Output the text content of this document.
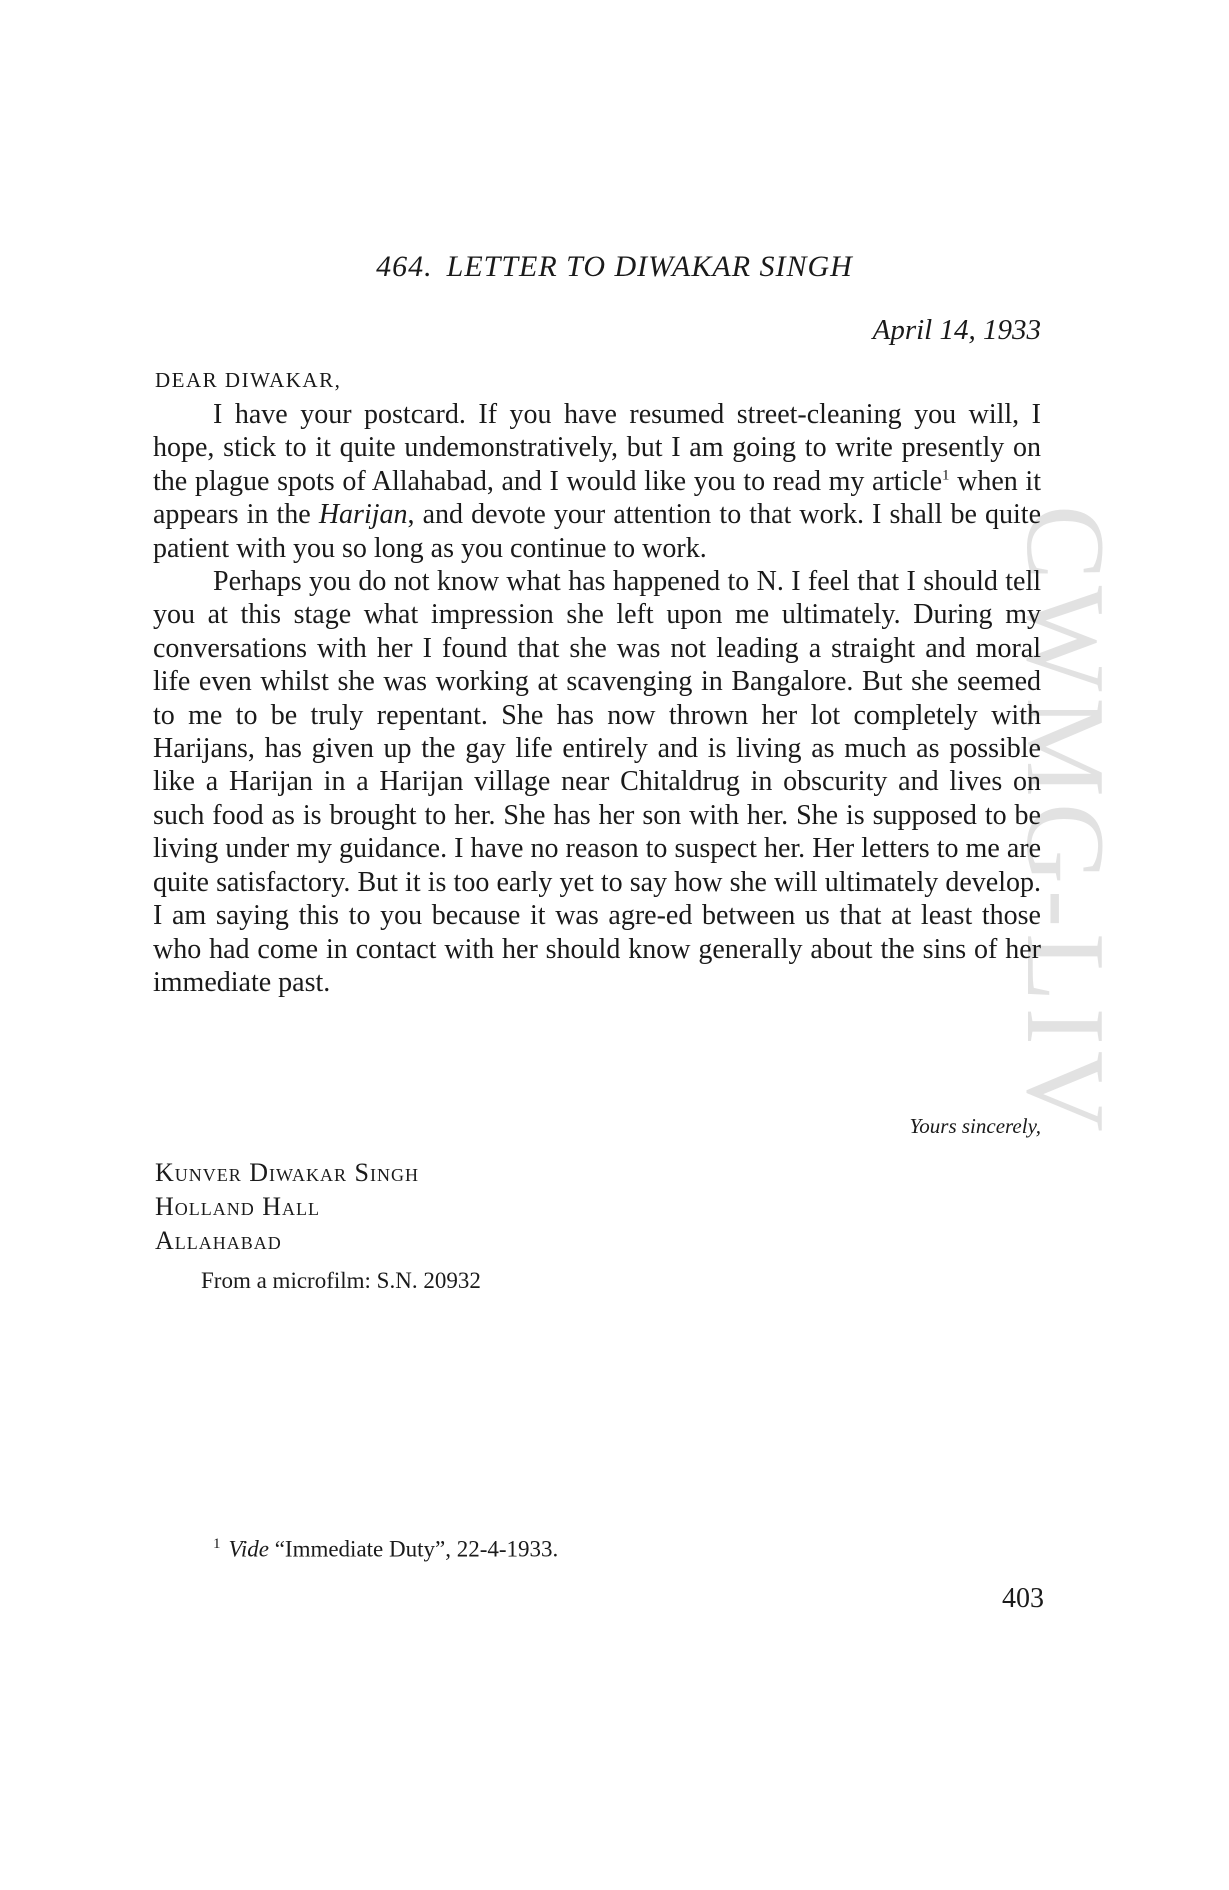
CWMG-LIV
464. LETTER TO DIWAKAR SINGH
April 14, 1933
DEAR DIWAKAR,

I have your postcard. If you have resumed street-cleaning you will, I hope, stick to it quite undemonstratively, but I am going to write presently on the plague spots of Allahabad, and I would like you to read my article$^1$ when it appears in the Harijan, and devote your attention to that work. I shall be quite patient with you so long as you continue to work.

Perhaps you do not know what has happened to N. I feel that I should tell you at this stage what impression she left upon me ultimately. During my conversations with her I found that she was not leading a straight and moral life even whilst she was working at scavenging in Bangalore. But she seemed to me to be truly repentant. She has now thrown her lot completely with Harijans, has given up the gay life entirely and is living as much as possible like a Harijan in a Harijan village near Chitaldrug in obscurity and lives on such food as is brought to her. She has her son with her. She is supposed to be living under my guidance. I have no reason to suspect her. Her letters to me are quite satisfactory. But it is too early yet to say how she will ultimately develop. I am saying this to you because it was agre-ed between us that at least those who had come in contact with her should know generally about the sins of her immediate past.

Yours sincerely,
Kunver Diwakar Singh
Holland Hall
Allahabad
From a microfilm: S.N. 20932
$^1$ Vide “Immediate Duty”, 22-4-1933.
403
